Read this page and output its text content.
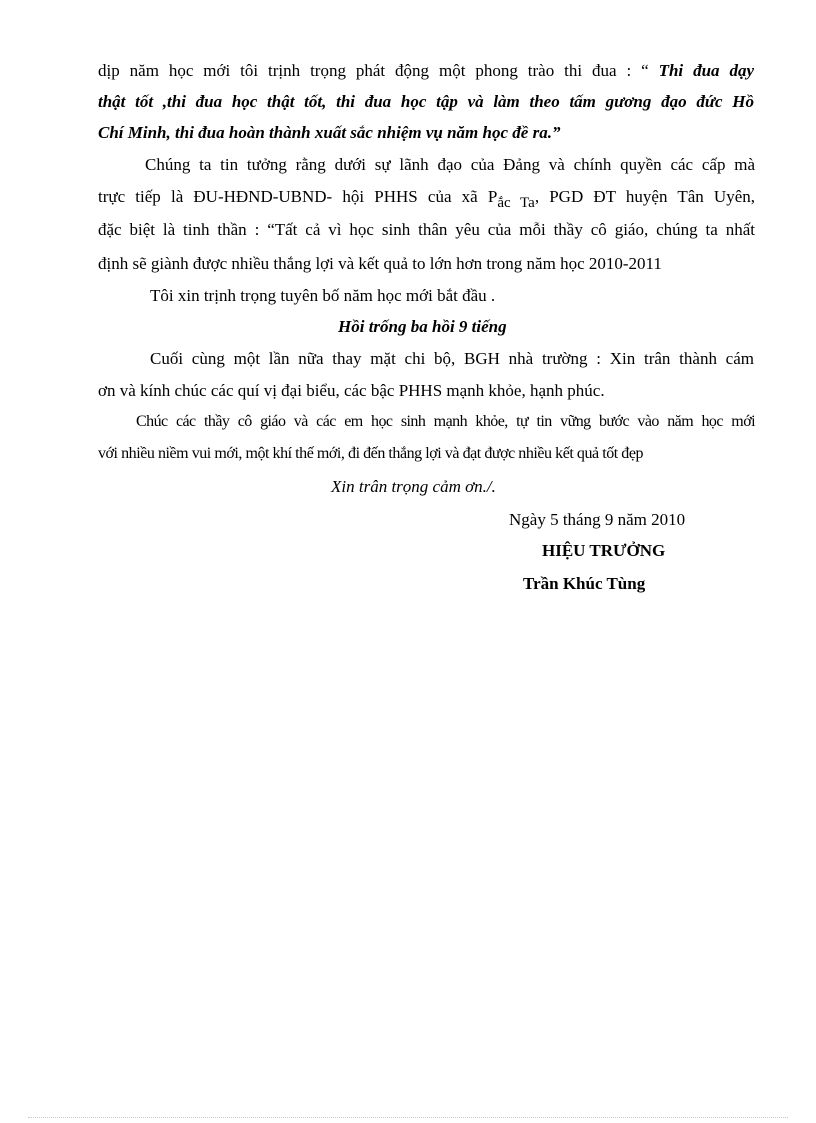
dịp năm học mới tôi trịnh trọng phát động một phong trào thi đua : “ Thi đua dạy
thật tốt ,thi đua học thật tốt, thi đua học tập và làm theo tấm gương đạo đức Hồ
Chí Minh, thi đua hoàn thành xuất sắc nhiệm vụ năm học đề ra.”
Chúng ta tin tưởng rằng dưới sự lãnh đạo của Đảng và chính quyền các cấp mà
trực tiếp là ĐU-HĐND-UBND- hội PHHS của xã Pắc Ta, PGD ĐT huyện Tân Uyên,
đặc biệt là tinh thần : “Tất cả vì học sinh thân yêu của mỗi thầy cô giáo, chúng ta nhất
định sẽ giành được nhiều thắng lợi và kết quả to lớn hơn trong năm học 2010-2011
Tôi xin trịnh trọng tuyên bố năm học mới bắt đầu .
Hồi trống ba hồi 9 tiếng
Cuối cùng một lần nữa thay mặt chi bộ, BGH nhà trường : Xin trân thành cám
ơn và kính chúc các quí vị đại biểu, các bậc PHHS mạnh khỏe, hạnh phúc.
Chúc các thầy cô giáo và các em học sinh mạnh khỏe, tự tin vững bước vào năm học mới
với nhiều niềm vui mới, một khí thế mới, đi đến thắng lợi và đạt được nhiều kết quả tốt đẹp
Xin trân trọng cảm ơn./.
Ngày 5 tháng 9 năm 2010
HIỆU TRƯỞNG
Trần Khúc Tùng
